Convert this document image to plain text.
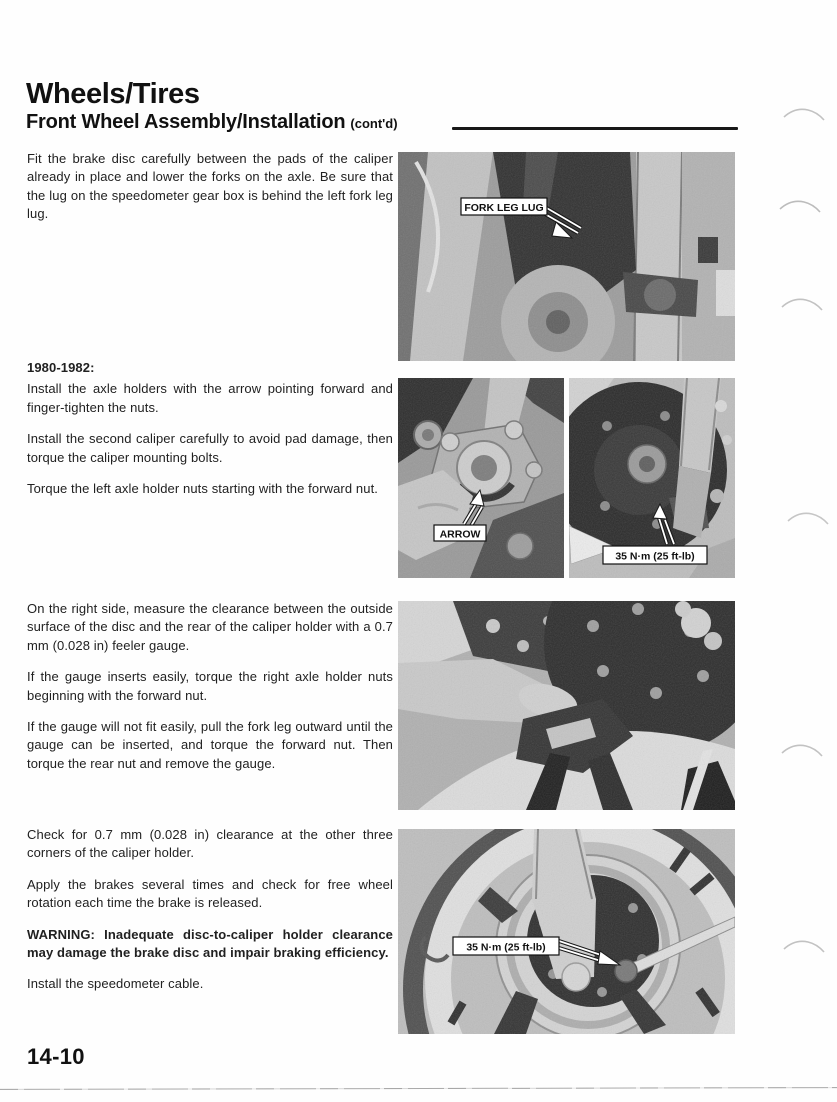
Wheels/Tires
Front Wheel Assembly/Installation (cont'd)

Fit the brake disc carefully between the pads of the caliper already in place and lower the forks on the axle. Be sure that the lug on the speedometer gear box is behind the left fork leg lug.

1980-1982:

Install the axle holders with the arrow pointing forward and finger-tighten the nuts.

Install the second caliper carefully to avoid pad damage, then torque the caliper mounting bolts.

Torque the left axle holder nuts starting with the forward nut.

On the right side, measure the clearance between the outside surface of the disc and the rear of the caliper holder with a 0.7 mm (0.028 in) feeler gauge.

If the gauge inserts easily, torque the right axle holder nuts beginning with the forward nut.

If the gauge will not fit easily, pull the fork leg outward until the gauge can be inserted, and torque the forward nut. Then torque the rear nut and remove the gauge.

Check for 0.7 mm (0.028 in) clearance at the other three corners of the caliper holder.

Apply the brakes several times and check for free wheel rotation each time the brake is released.

WARNING: Inadequate disc-to-caliper holder clearance may damage the brake disc and impair braking efficiency.

Install the speedometer cable.

FORK LEG LUG
ARROW
35 N·m (25 ft-lb)
35 N·m (25 ft-lb)
14-10
